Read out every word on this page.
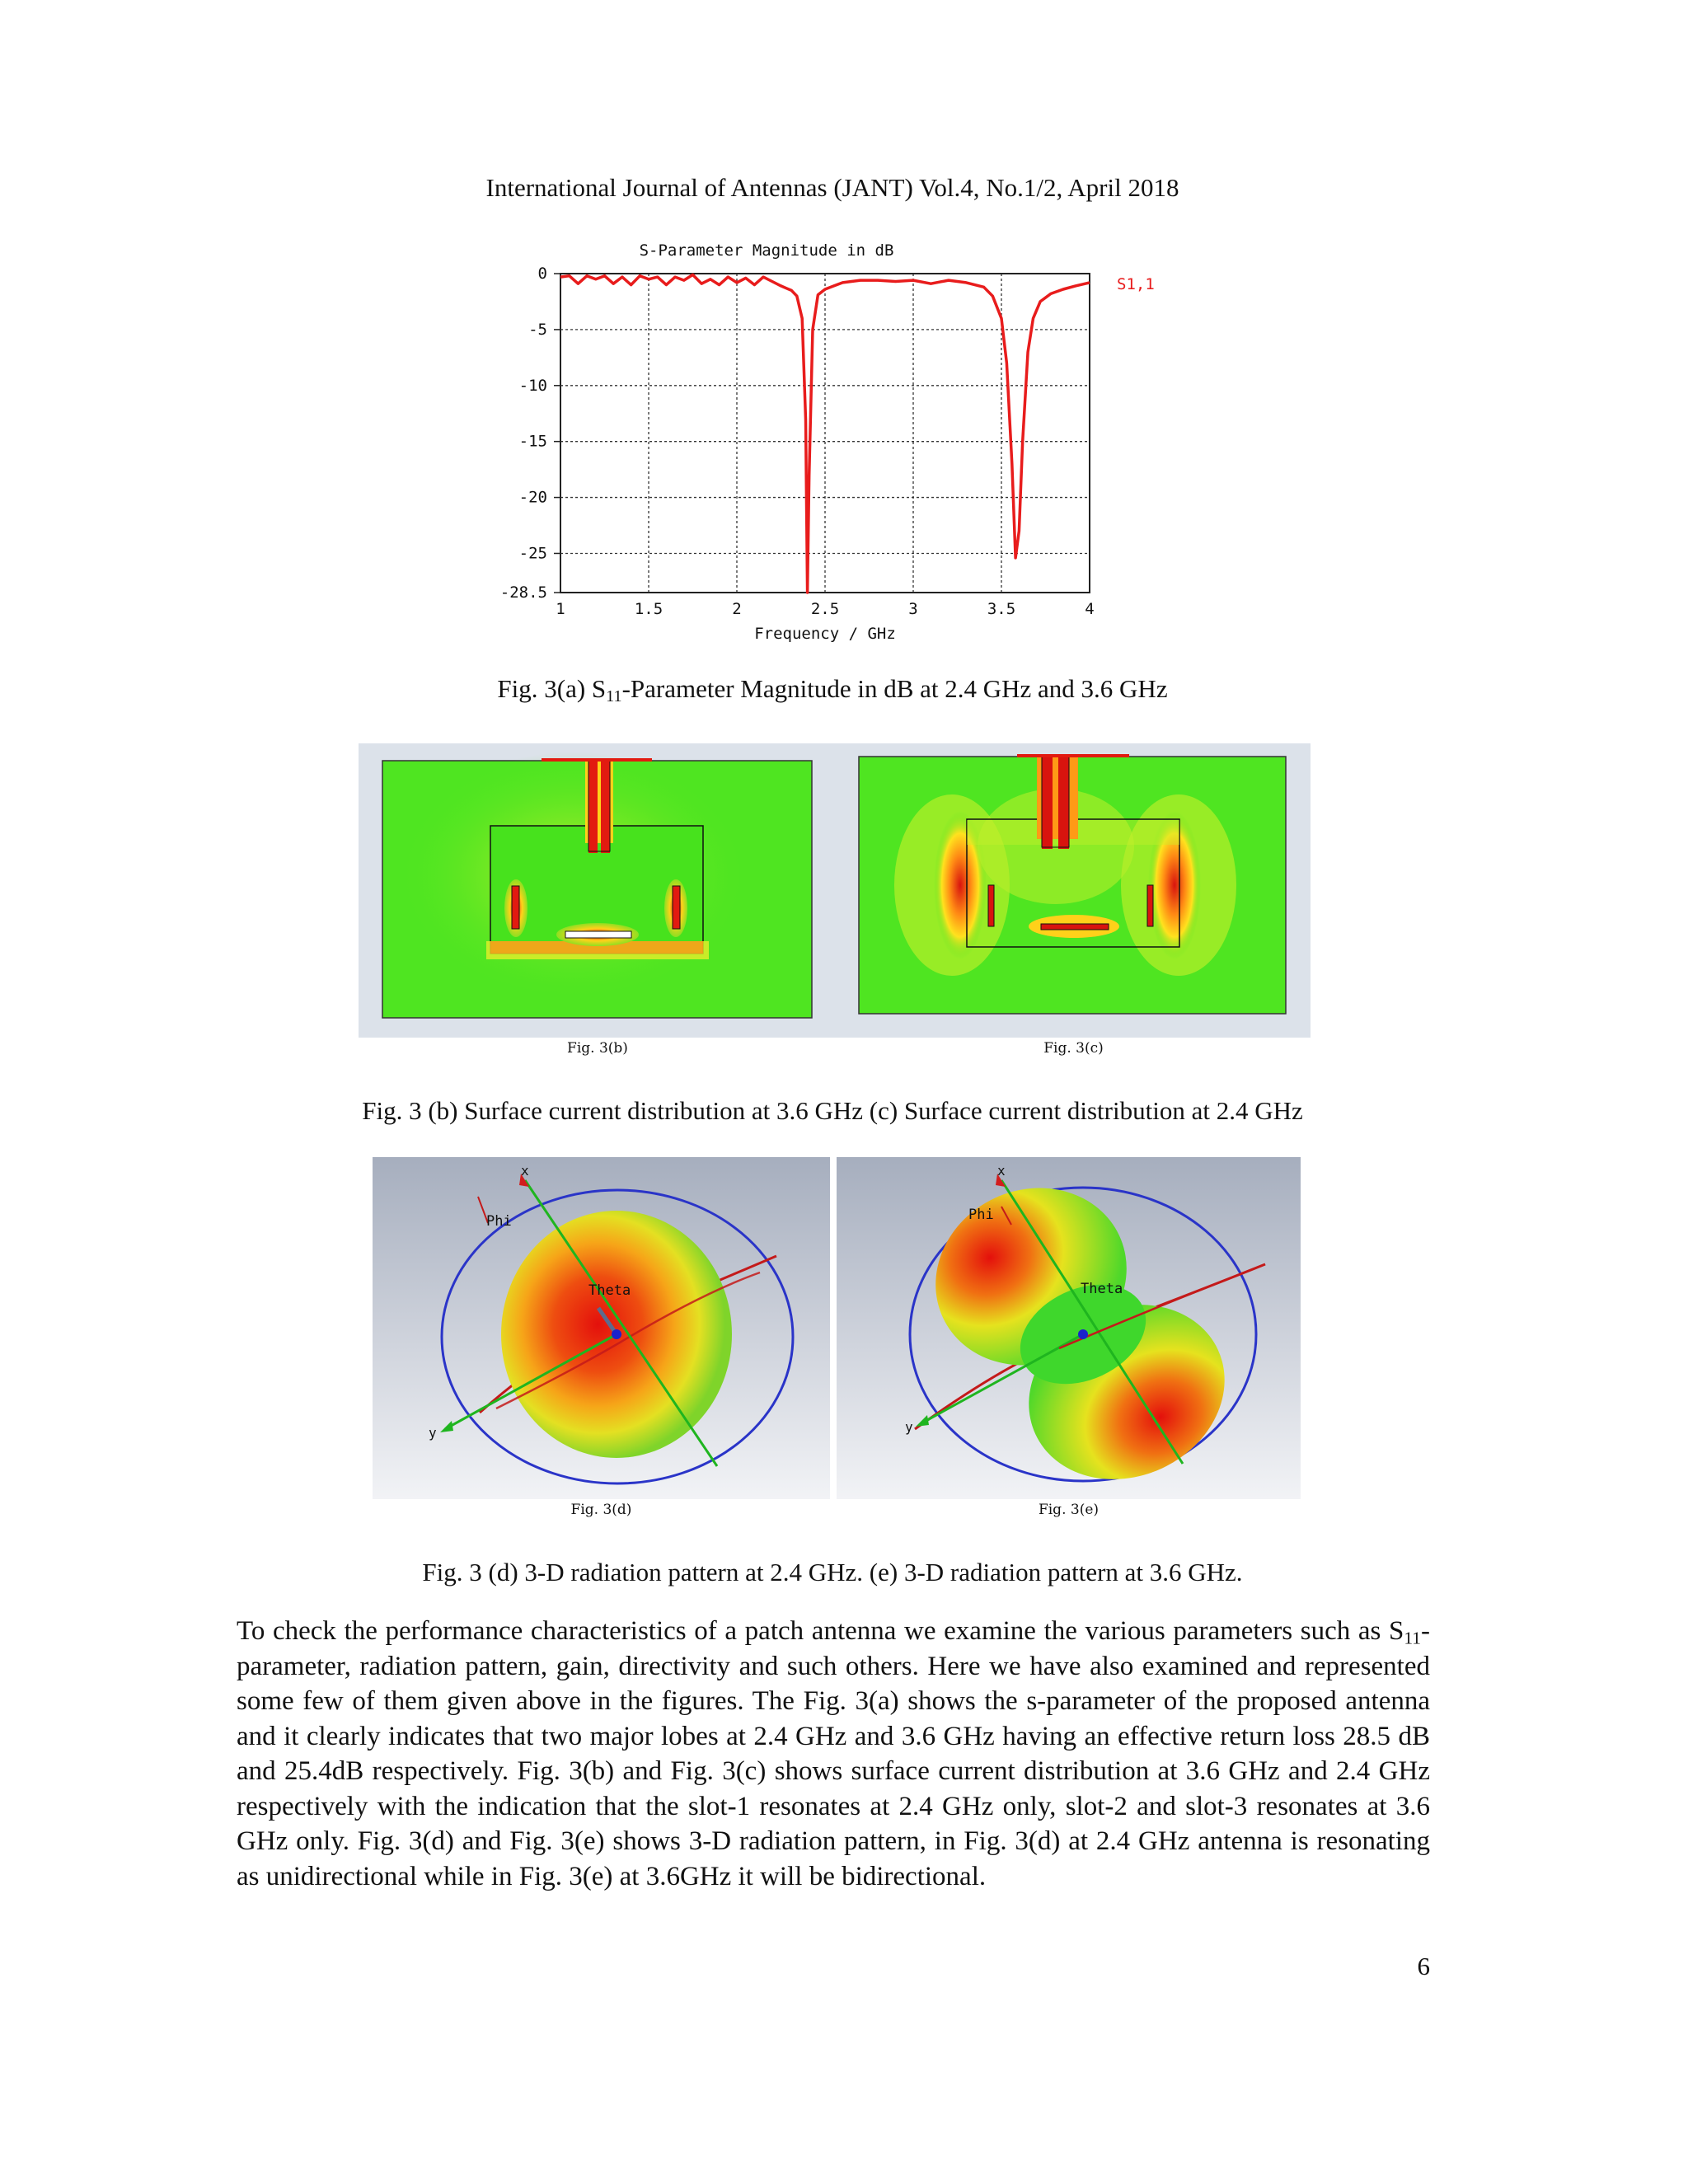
International Journal of Antennas (JANT) Vol.4, No.1/2, April 2018
S-Parameter Magnitude in dB
1	1.5	2	2.5	3	3.5	4
0
-5
-10
-15
-20
-25
-28.5
Frequency / GHz
S1,1
Fig. 3(a) $S_{11}$-Parameter Magnitude in dB at 2.4 GHz and 3.6 GHz
Fig. 3(b)	Fig. 3(c)
Fig. 3 (b) Surface current distribution at 3.6 GHz (c) Surface current distribution at 2.4 GHz
x
y
Phi
Theta
Fig. 3(d)
x
y
Phi
Theta
Fig. 3(e)
Fig. 3 (d) 3-D radiation pattern at 2.4 GHz. (e) 3-D radiation pattern at 3.6 GHz.
To check the performance characteristics of a patch antenna we examine the various parameters such as $S_{11}$-parameter, radiation pattern, gain, directivity and such others. Here we have also examined and represented some few of them given above in the figures. The Fig. 3(a) shows the s-parameter of the proposed antenna and it clearly indicates that two major lobes at 2.4 GHz and 3.6 GHz having an effective return loss 28.5 dB and 25.4dB respectively. Fig. 3(b) and Fig. 3(c) shows surface current distribution at 3.6 GHz and 2.4 GHz respectively with the indication that the slot-1 resonates at 2.4 GHz only, slot-2 and slot-3 resonates at 3.6 GHz only. Fig. 3(d) and Fig. 3(e) shows 3-D radiation pattern, in Fig. 3(d) at 2.4 GHz antenna is resonating as unidirectional while in Fig. 3(e) at 3.6GHz it will be bidirectional.
6
